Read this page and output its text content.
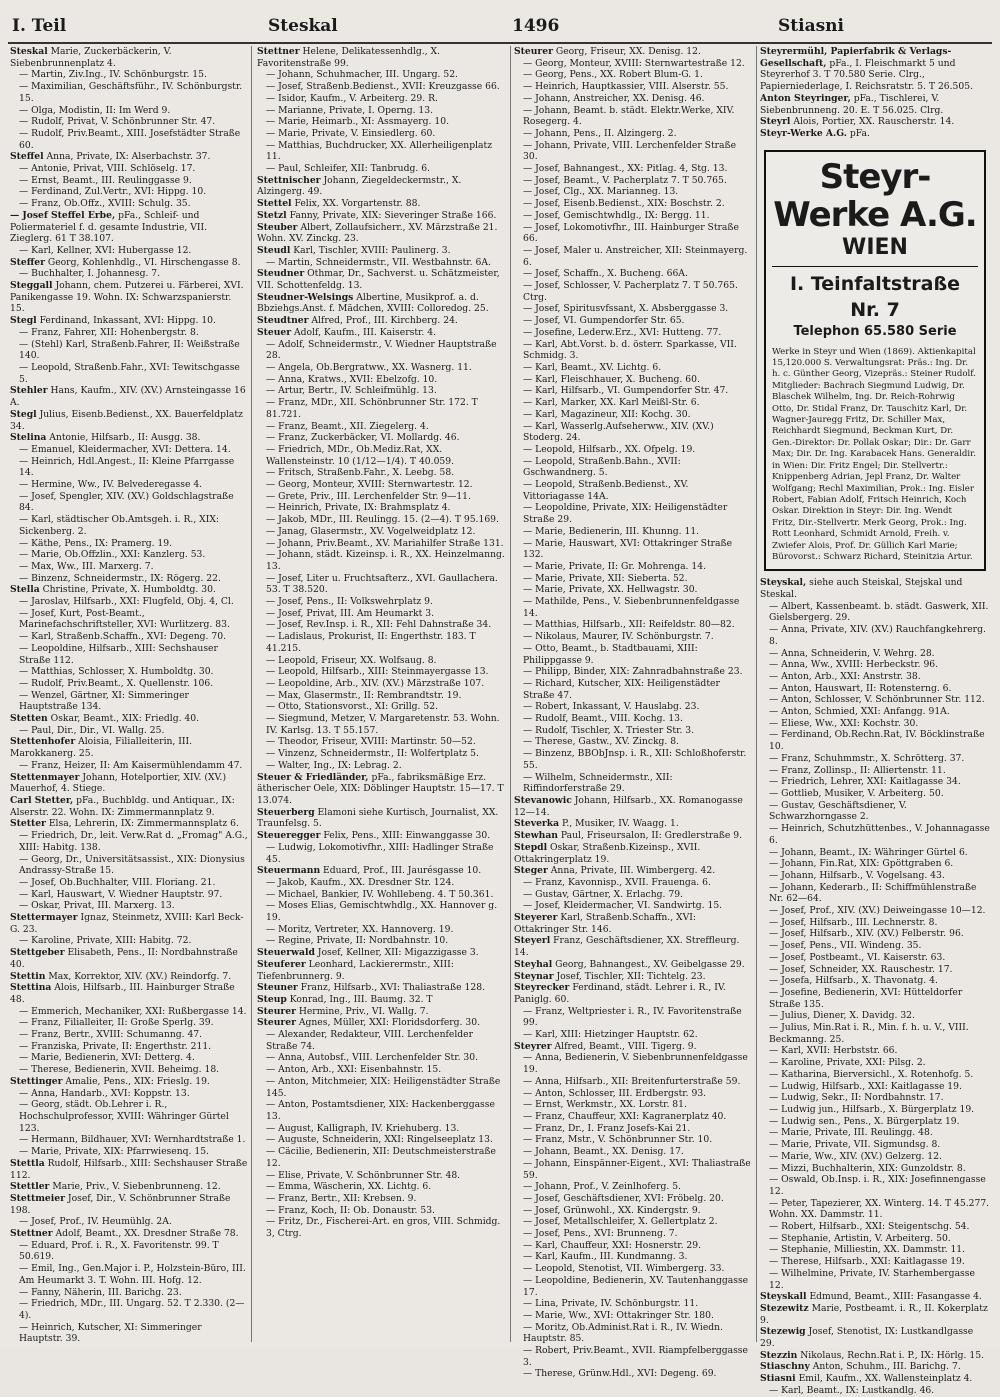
I. Teil	Steskal	1496	Stiasni
Steskal Marie, Zuckerbäckerin, V. Siebenbrunnenplatz 4.
— Martin, Ziv.Ing., IV. Schönburgstr. 15.
— Maximilian, Geschäftsführ., IV. Schönburgstr. 15.
— Olga, Modistin, II: Im Werd 9.
— Rudolf, Privat, V. Schönbrunner Str. 47.
— Rudolf, Priv.Beamt., XIII. Josefstädter Straße 60.
Steffel Anna, Private, IX: Alserbachstr. 37.
— Antonie, Privat, VIII. Schlöselg. 17.
— Ernst, Beamt., III. Reulinggasse 9.
— Ferdinand, Zul.Vertr., XVI: Hippg. 10.
— Franz, Ob.Offz., XVIII: Schulg. 35.
— Josef Steffel Erbe, pFa., Schleif- und Poliermateriel f. d. gesamte Industrie, VII. Zieglerg. 61 T 38.107.
— Karl, Kellner, XVI: Hubergasse 12.
Steffer Georg, Kohlenhdlg., VI. Hirschengasse 8.
— Buchhalter, I. Johannesg. 7.
Steggall Johann, chem. Putzerei u. Färberei, XVI. Panikengasse 19. Wohn. IX: Schwarzspanierstr. 15.
Stegl Ferdinand, Inkassant, XVI: Hippg. 10.
— Franz, Fahrer, XII: Hohenbergstr. 8.
— (Stehl) Karl, Straßenb.Fahrer, II: Weißstraße 140.
— Leopold, Straßenb.Fahr., XVI: Tewitschgasse 5.
Stehler Hans, Kaufm., XIV. (XV.) Arnsteingasse 16 A.
Stegl Julius, Eisenb.Bedienst., XX. Bauerfeldplatz 34.
Stelina Antonie, Hilfsarb., II: Ausgg. 38.
— Emanuel, Kleidermacher, XVI: Dettera. 14.
— Heinrich, Hdl.Angest., II: Kleine Pfarrgasse 14.
— Hermine, Ww., IV. Belvederegasse 4.
— Josef, Spengler, XIV. (XV.) Goldschlagstraße 84.
— Karl, städtischer Ob.Amtsgeh. i. R., XIX: Sickenberg. 2.
— Käthe, Pens., IX: Pramerg. 19.
— Marie, Ob.Offzlin., XXI: Kanzlerg. 53.
— Max, Ww., III. Marxerg. 7.
— Binzenz, Schneidermstr., IX: Rögerg. 22.
Stella Christine, Private, X. Humboldtg. 30.
— Jaroslav, Hilfsarb., XXI: Flugfeld, Obj. 4, Cl.
— Josef, Kurt, Post-Beamt., Marinefachschriftsteller, XVI: Wurlitzerg. 83.
— Karl, Straßenb.Schaffn., XVI: Degeng. 70.
— Leopoldine, Hilfsarb., XIII: Sechshauser Straße 112.
— Matthias, Schlosser, X. Humboldtg. 30.
— Rudolf, Priv.Beamt., X. Quellenstr. 106.
— Wenzel, Gärtner, XI: Simmeringer Hauptstraße 134.
Stetten Oskar, Beamt., XIX: Friedlg. 40.
— Paul, Dir., Dir., VI. Wallg. 25.
Stettenhofer Aloisia, Filialleiterin, III. Marokkanerg. 25.
— Franz, Heizer, II: Am Kaisermühlendamm 47.
Stettenmayer Johann, Hotelportier, XIV. (XV.) Mauerhof, 4. Stiege.
Carl Stetter, pFa., Buchbldg. und Antiquar., IX: Alserstr. 22. Wohn. IX: Zimmermannplatz 9.
Stetter Elsa, Lehrerin, IX: Zimmermannsplatz 6.
— Friedrich, Dr., leit. Verw.Rat d. „Fromag" A.G., XIII: Habitg. 138.
— Georg, Dr., Universitätsassist., XIX: Dionysius Andrassy-Straße 15.
— Josef, Ob.Buchhalter, VIII. Floriang. 21.
— Karl, Hauswart, V. Wiedner Hauptstr. 97.
— Oskar, Privat, III. Marxerg. 13.
Stettermayer Ignaz, Steinmetz, XVIII: Karl Beck-G. 23.
— Karoline, Private, XIII: Habitg. 72.
Stettgeber Elisabeth, Pens., II: Nordbahnstraße 40.
Stettin Max, Korrektor, XIV. (XV.) Reindorfg. 7.
Stettina Alois, Hilfsarb., III. Hainburger Straße 48.
— Emmerich, Mechaniker, XXI: Rußbergasse 14.
— Franz, Filialleiter, II: Große Sperlg. 39.
— Franz, Bertr., XVIII: Schumanng. 47.
— Franziska, Private, II: Engerthstr. 211.
— Marie, Bedienerin, XVI: Detterg. 4.
— Therese, Bedienerin, XVII. Beheimg. 18.
Stettinger Amalie, Pens., XIX: Frieslg. 19.
— Anna, Handarb., XVI: Koppstr. 13.
— Georg, städt. Ob.Lehrer i. R., Hochschulprofessor, XVIII: Währinger Gürtel 123.
— Hermann, Bildhauer, XVI: Wernhardtstraße 1.
— Marie, Private, XIX: Pfarrwiesenq. 15.
Stettla Rudolf, Hilfsarb., XIII: Sechshauser Straße 112.
Stettler Marie, Priv., V. Siebenbrunneng. 12.
Stettmeier Josef, Dir., V. Schönbrunner Straße 198.
— Josef, Prof., IV. Heumühlg. 2A.
Stettner Adolf, Beamt., XX. Dresdner Straße 78.
— Eduard, Prof. i. R., X. Favoritenstr. 99. T 50.619.
— Emil, Ing., Gen.Major i. P., Holzstein-Büro, III. Am Heumarkt 3. T. Wohn. III. Hofg. 12.
— Fanny, Näherin, III. Barichg. 23.
— Friedrich, MDr., III. Ungarg. 52. T 2.330. (2—4).
— Heinrich, Kutscher, XI: Simmeringer Hauptstr. 39.
Stettner Helene, Delikatessenhdlg., X. Favoritenstraße 99.
— Johann, Schuhmacher, III. Ungarg. 52.
— Josef, Straßenb.Bedienst., XVII: Kreuzgasse 66.
— Isidor, Kaufm., V. Arbeiterg. 29. R.
— Marianne, Private, I. Operng. 13.
— Marie, Heimarb., XI: Assmayerg. 10.
— Marie, Private, V. Einsiedlerg. 60.
— Matthias, Buchdrucker, XX. Allerheiligenplatz 11.
— Paul, Schleifer, XII: Tanbrudg. 6.
Stettnischer Johann, Ziegeldeckermstr., X. Alzingerg. 49.
Stettel Felix, XX. Vorgartenstr. 88.
Stetzl Fanny, Private, XIX: Sieveringer Straße 166.
Steuber Albert, Zollaufsicherr., XV. Märzstraße 21. Wohn. XV. Zinckg. 23.
Steudl Karl, Tischler, XVIII: Paulinerg. 3.
— Martin, Schneidermstr., VII. Westbahnstr. 6A.
Steudner Othmar, Dr., Sachverst. u. Schätzmeister, VII. Schottenfeldg. 13.
Steudner-Welsings Albertine, Musikprof. a. d. Bbziehgs.Anst. f. Mädchen, XVIII: Colloredog. 25.
Steudtner Alfred, Prof., III. Kirchberg. 24.
Steuer Adolf, Kaufm., III. Kaiserstr. 4.
— Adolf, Schneidermstr., V. Wiedner Hauptstraße 28.
— Angela, Ob.Bergratww., XX. Wasnerg. 11.
— Anna, Kratws., XVII: Ebelzofg. 10.
— Artur, Bertr., IV. Schleifmühlg. 13.
— Franz, MDr., XII. Schönbrunner Str. 172. T 81.721.
— Franz, Beamt., XII. Ziegelerg. 4.
— Franz, Zuckerbäcker, VI. Mollardg. 46.
— Friedrich, MDr., Ob.Mediz.Rat, XX. Wallensteinstr. 10 (1/12—1/4). T 40.059.
— Fritsch, Straßenb.Fahr., X. Leebg. 58.
— Georg, Monteur, XVIII: Sternwartestr. 12.
— Grete, Priv., III. Lerchenfelder Str. 9—11.
— Heinrich, Private, IX: Brahmsplatz 4.
— Jakob, MDr., III. Reulingg. 15. (2—4). T 95.169.
— Janag, Glasermstr., XV. Vogelweidplatz 12.
— Johann, Priv.Beamt., XV. Mariahilfer Straße 131.
— Johann, städt. Kizeinsp. i. R., XX. Heinzelmanng. 13.
— Josef, Liter u. Fruchtsafterz., XVI. Gaullachera. 53. T 38.520.
— Josef, Pens., II: Volkswehrplatz 9.
— Josef, Privat, III. Am Heumarkt 3.
— Josef, Rev.Insp. i. R., XII: Fehl Dahnstraße 34.
— Ladislaus, Prokurist, II: Engerthstr. 183. T 41.215.
— Leopold, Friseur, XX. Wolfsaug. 8.
— Leopold, Hilfsarb., XIII: Steinmayergasse 13.
— Leopoldine, Arb., XIV. (XV.) Märzstraße 107.
— Max, Glasermstr., II: Rembrandtstr. 19.
— Otto, Stationsvorst., XI: Grillg. 52.
— Siegmund, Metzer, V. Margaretenstr. 53. Wohn. IV. Karlsg. 13. T 55.157.
— Theodor, Friseur, XVIII: Martinstr. 50—52.
— Vinzenz, Schneidermstr., II: Wolfertplatz 5.
— Walter, Ing., IX: Lebrag. 2.
Steuer & Friedländer, pFa., fabriksmäßige Erz. ätherischer Oele, XIX: Döblinger Hauptstr. 15—17. T 13.074.
Steuerberg Elamoni siehe Kurtisch, Journalist, XX. Traunfelsg. 5.
Steueregger Felix, Pens., XIII: Einwanggasse 30.
— Ludwig, Lokomotivfhr., XIII: Hadlinger Straße 45.
Steuermann Eduard, Prof., III. Jaurésgasse 10.
— Jakob, Kaufm., XX. Dresdner Str. 124.
— Michael, Bankier, IV. Wohllebeng. 4. T 50.361.
— Moses Elias, Gemischtwhdlg., XX. Hannover g. 19.
— Moritz, Vertreter, XX. Hannoverg. 19.
— Regine, Private, II: Nordbahnstr. 10.
Steuerwald Josef, Kellner, XII: Migazzigasse 3.
Steuferer Leonhard, Lackierermstr., XIII: Tiefenbrunnerg. 9.
Steuner Franz, Hilfsarb., XVI: Thaliastraße 128.
Steup Konrad, Ing., III. Baumg. 32. T
Steurer Hermine, Priv., VI. Wallg. 7.
Steurer Agnes, Müller, XXI: Floridsdorferg. 30.
— Alexander, Redakteur, VIII. Lerchenfelder Straße 74.
— Anna, Autobsf., VIII. Lerchenfelder Str. 30.
— Anton, Arb., XXI: Eisenbahnstr. 15.
— Anton, Mitchmeier, XIX: Heiligenstädter Straße 145.
— Anton, Postamtsdiener, XIX: Hackenberggasse 13.
— August, Kalligraph, IV. Kriehuberg. 13.
— Auguste, Schneiderin, XXI: Ringelseeplatz 13.
— Cäcilie, Bedienerin, XII: Deutschmeisterstraße 12.
— Elise, Private, V. Schönbrunner Str. 48.
— Emma, Wäscherin, XX. Lichtg. 6.
— Franz, Bertr., XII: Krebsen. 9.
— Franz, Koch, II: Ob. Donaustr. 53.
— Fritz, Dr., Fischerei-Art. en gros, VIII. Schmidg. 3, Ctrg.
Steurer Georg, Friseur, XX. Denisg. 12.
— Georg, Monteur, XVIII: Sternwartestraße 12.
— Georg, Pens., XX. Robert Blum-G. 1.
— Heinrich, Hauptkassier, VIII. Alserstr. 55.
— Johann, Anstreicher, XX. Denisg. 46.
— Johann, Beamt. b. städt. Elektr.Werke, XIV. Rosegerg. 4.
— Johann, Pens., II. Alzingerg. 2.
— Johann, Private, VIII. Lerchenfelder Straße 30.
— Josef, Bahnangest., XX: Pitlag. 4, Stg. 13.
— Josef, Beamt., V. Pacherplatz 7. T 50.765.
— Josef, Clg., XX. Marianneg. 13.
— Josef, Eisenb.Bedienst., XIX: Boschstr. 2.
— Josef, Gemischtwhdlg., IX: Bergg. 11.
— Josef, Lokomotivfhr., III. Hainburger Straße 66.
— Josef, Maler u. Anstreicher, XII: Steinmayerg. 6.
— Josef, Schaffn., X. Bucheng. 66A.
— Josef, Schlosser, V. Pacherplatz 7. T 50.765. Ctrg.
— Josef, Spiritusvfssant, X. Absberggasse 3.
— Josef, VI. Gumpendorfer Str. 65.
— Josefine, Lederw.Erz., XVI: Hutteng. 77.
— Karl, Abt.Vorst. b. d. österr. Sparkasse, VII. Schmidg. 3.
— Karl, Beamt., XV. Lichtg. 6.
— Karl, Fleischhauer, X. Bucheng. 60.
— Karl, Hilfsarb., VI. Gumpendorfer Str. 47.
— Karl, Marker, XX. Karl Meißl-Str. 6.
— Karl, Magazineur, XII: Kochg. 30.
— Karl, Wasserlg.Aufseherww., XIV. (XV.) Stoderg. 24.
— Leopold, Hilfsarb., XX. Ofpelg. 19.
— Leopold, Straßenb.Bahn., XVII: Gschwandnerg. 5.
— Leopold, Straßenb.Bedienst., XV. Vittoriagasse 14A.
— Leopoldine, Private, XIX: Heiligenstädter Straße 29.
— Marie, Bedienerin, III. Khunng. 11.
— Marie, Hauswart, XVI: Ottakringer Straße 132.
— Marie, Private, II: Gr. Mohrenga. 14.
— Marie, Private, XII: Sieberta. 52.
— Marie, Private, XX. Hellwagstr. 30.
— Mathilde, Pens., V. Siebenbrunnenfeldgasse 14.
— Matthias, Hilfsarb., XII: Reifeldstr. 80—82.
— Nikolaus, Maurer, IV. Schönburgstr. 7.
— Otto, Beamt., b. Stadtbauami, XIII: Philippgasse 9.
— Philipp, Binder, XIX: Zahnradbahnstraße 23.
— Richard, Kutscher, XIX: Heiligenstädter Straße 47.
— Robert, Inkassant, V. Hauslabg. 23.
— Rudolf, Beamt., VIII. Kochg. 13.
— Rudolf, Tischler, X. Triester Str. 3.
— Therese, Gastw., XV. Zinckg. 8.
— Binzenz, BBObJnsp. i. R., XII: Schloßhoferstr. 55.
— Wilhelm, Schneidermstr., XII: Riffindorferstraße 29.
Stevanowic Johann, Hilfsarb., XX. Romanogasse 12—14.
Steverka P., Musiker, IV. Waagg. 1.
Stewhan Paul, Friseursalon, II: Gredlerstraße 9.
Stepdl Oskar, Straßenb.Kizeinsp., XVII. Ottakringerplatz 19.
Steger Anna, Private, III. Wimbergerg. 42.
— Franz, Kavonnisp., XVII. Frauenga. 6.
— Gustav, Gärtner, X. Erlachg. 79.
— Josef, Kleidermacher, VI. Sandwirtg. 15.
Steyerer Karl, Straßenb.Schaffn., XVI: Ottakringer Str. 146.
Steyerl Franz, Geschäftsdiener, XX. Streffleurg. 14.
Steyhal Georg, Bahnangest., XV. Geibelgasse 29.
Steynar Josef, Tischler, XII: Tichtelg. 23.
Steyrecker Ferdinand, städt. Lehrer i. R., IV. Paniglg. 60.
— Franz, Weltpriester i. R., IV. Favoritenstraße 99.
— Karl, XIII: Hietzinger Hauptstr. 62.
Steyrer Alfred, Beamt., VIII. Tigerg. 9.
— Anna, Bedienerin, V. Siebenbrunnenfeldgasse 19.
— Anna, Hilfsarb., XII: Breitenfurterstraße 59.
— Anton, Schlosser, III. Erdbergstr. 93.
— Ernst, Werkmstr., XX. Lorstr. 81.
— Franz, Chauffeur, XXI: Kagranerplatz 40.
— Franz, Dr., I. Franz Josefs-Kai 21.
— Franz, Mstr., V. Schönbrunner Str. 10.
— Johann, Beamt., XX. Denisg. 17.
— Johann, Einspänner-Eigent., XVI: Thaliastraße 59.
— Johann, Prof., V. Zeinlhoferg. 5.
— Josef, Geschäftsdiener, XVI: Fröbelg. 20.
— Josef, Grünwohl., XX. Kindergstr. 9.
— Josef, Metallschleifer, X. Gellertplatz 2.
— Josef, Pens., XVI: Brunneng. 7.
— Karl, Chauffeur, XXI: Hosnerstr. 29.
— Karl, Kaufm., III. Kundmanng. 3.
— Leopold, Stenotist, VII. Wimbergerg. 33.
— Leopoldine, Bedienerin, XV. Tautenhanggasse 17.
— Lina, Private, IV. Schönburgstr. 11.
— Marie, Ww., XVI: Ottakringer Str. 180.
— Moritz, Ob.Administ.Rat i. R., IV. Wiedn. Hauptstr. 85.
— Robert, Priv.Beamt., XVII. Riampfelberggasse 3.
— Therese, Grünw.Hdl., XVI: Degeng. 69.
Steyrermühl, Papierfabrik & Verlags-Gesellschaft, pFa., I. Fleischmarkt 5 und Steyrerhof 3. T 70.580 Serie. Clrg., Papierniederlage, I. Reichsratstr. 5. T 26.505.
Anton Steyringer, pFa., Tischlerei, V. Siebenbrunneng. 20. E. T 56.025. Clrg.
Steyrl Alois, Portier, XX. Rauscherstr. 14.
Steyr-Werke A.G. pFa.
Steyr-Werke A.G.
WIEN
I. Teinfaltstraße Nr. 7
Telephon 65.580 Serie
Werke in Steyr und Wien (1869). Aktienkapital 15,120.000 S. Verwaltungsrat: Präs.: Ing. Dr. h. c. Günther Georg, Vizepräs.: Steiner Rudolf. Mitglieder: Bachrach Siegmund Ludwig, Dr. Blaschek Wilhelm, Ing. Dr. Reich-Rohrwig Otto, Dr. Stidal Franz, Dr. Tauschitz Karl, Dr. Wagner-Jauregg Fritz, Dr. Schiller Max, Reichhardt Siegmund, Beckman Kurt, Dr. Gen.-Direktor: Dr. Pollak Oskar; Dir.: Dr. Garr Max; Dir. Dr. Ing. Karabacek Hans. Generaldir. in Wien: Dir. Fritz Engel; Dir. Stellvertr.: Knippenberg Adrian, Jepl Franz, Dr. Walter Wolfgang; Rechl Maximilian, Prok.: Ing. Eisler Robert, Fabian Adolf, Fritsch Heinrich, Koch Oskar. Direktion in Steyr: Dir. Ing. Wendt Fritz, Dir.-Stellvertr. Merk Georg, Prok.: Ing. Rott Leonhard, Schmidt Arnold, Freih. v. Zwiefer Alois, Prof. Dr. Güllich Karl Marie; Bürovorst.: Schwarz Richard, Steinitzia Artur.
Steyskal, siehe auch Steiskal, Stejskal und Steskal.
— Albert, Kassenbeamt. b. städt. Gaswerk, XII. Gielsbergerg. 29.
— Anna, Private, XIV. (XV.) Rauchfangkehrerg. 8.
— Anna, Schneiderin, V. Wehrg. 28.
— Anna, Ww., XVIII: Herbeckstr. 96.
— Anton, Arb., XXI: Anstrstr. 38.
— Anton, Hauswart, II: Rotensterng. 6.
— Anton, Schlosser, V. Schönbrunner Str. 112.
— Anton, Schmied, XXI: Anfangg. 91A.
— Eliese, Ww., XXI: Kochstr. 30.
— Ferdinand, Ob.Rechn.Rat, IV. Böcklinstraße 10.
— Franz, Schuhmmstr., X. Schrötterg. 37.
— Franz, Zollinsp., II: Alliertenstr. 11.
— Friedrich, Lehrer, XXI: Kaitlagasse 34.
— Gottlieb, Musiker, V. Arbeiterg. 50.
— Gustav, Geschäftsdiener, V. Schwarzhorngasse 2.
— Heinrich, Schutzhüttenbes., V. Johannagasse 6.
— Johann, Beamt., IX: Währinger Gürtel 6.
— Johann, Fin.Rat, XIX: Gpöttgraben 6.
— Johann, Hilfsarb., V. Vogelsang. 43.
— Johann, Kederarb., II: Schiffmühlenstraße Nr. 62—64.
— Josef, Prof., XIV. (XV.) Deiweingasse 10—12.
— Josef, Hilfsarb., III. Lechnerstr. 8.
— Josef, Hilfsarb., XIV. (XV.) Felberstr. 96.
— Josef, Pens., VII. Windeng. 35.
— Josef, Postbeamt., VI. Kaiserstr. 63.
— Josef, Schneider, XX. Rauschestr. 17.
— Josefa, Hilfsarb., X. Thavonatg. 4.
— Josefine, Bedienerin, XVI: Hütteldorfer Straße 135.
— Julius, Diener, X. Davidg. 32.
— Julius, Min.Rat i. R., Min. f. h. u. V., VIII. Beckmanng. 25.
— Karl, XVII: Herbststr. 66.
— Karoline, Private, XXI: Pilsg. 2.
— Katharina, Bierversichl., X. Rotenhofg. 5.
— Ludwig, Hilfsarb., XXI: Kaitlagasse 19.
— Ludwig, Sekr., II: Nordbahnstr. 17.
— Ludwig jun., Hilfsarb., X. Bürgerplatz 19.
— Ludwig sen., Pens., X. Bürgerplatz 19.
— Marie, Private, III. Reulingg. 48.
— Marie, Private, VII. Sigmundsg. 8.
— Marie, Ww., XIV. (XV.) Gelzerg. 12.
— Mizzi, Buchhalterin, XIX: Gunzoldstr. 8.
— Oswald, Ob.Insp. i. R., XIX: Josefinnengasse 12.
— Peter, Tapezierer, XX. Winterg. 14. T 45.277. Wohn. XX. Dammstr. 11.
— Robert, Hilfsarb., XXI: Steigentschg. 54.
— Stephanie, Artistin, V. Arbeiterg. 50.
— Stephanie, Milliestin, XX. Dammstr. 11.
— Therese, Hilfsarb., XXI: Kaitlagasse 19.
— Wilhelmine, Private, IV. Starhembergasse 12.
Steyskall Edmund, Beamt., XIII: Fasangasse 4.
Stezewitz Marie, Postbeamt. i. R., II. Kokerplatz 9.
Stezewig Josef, Stenotist, IX: Lustkandlgasse 29.
Stezzin Nikolaus, Rechn.Rat i. P., IX: Hörlg. 15.
Stiaschny Anton, Schuhm., III. Barichg. 7.
Stiasni Emil, Kaufm., XX. Wallensteinplatz 4.
— Karl, Beamt., IX: Lustkandlg. 46.
